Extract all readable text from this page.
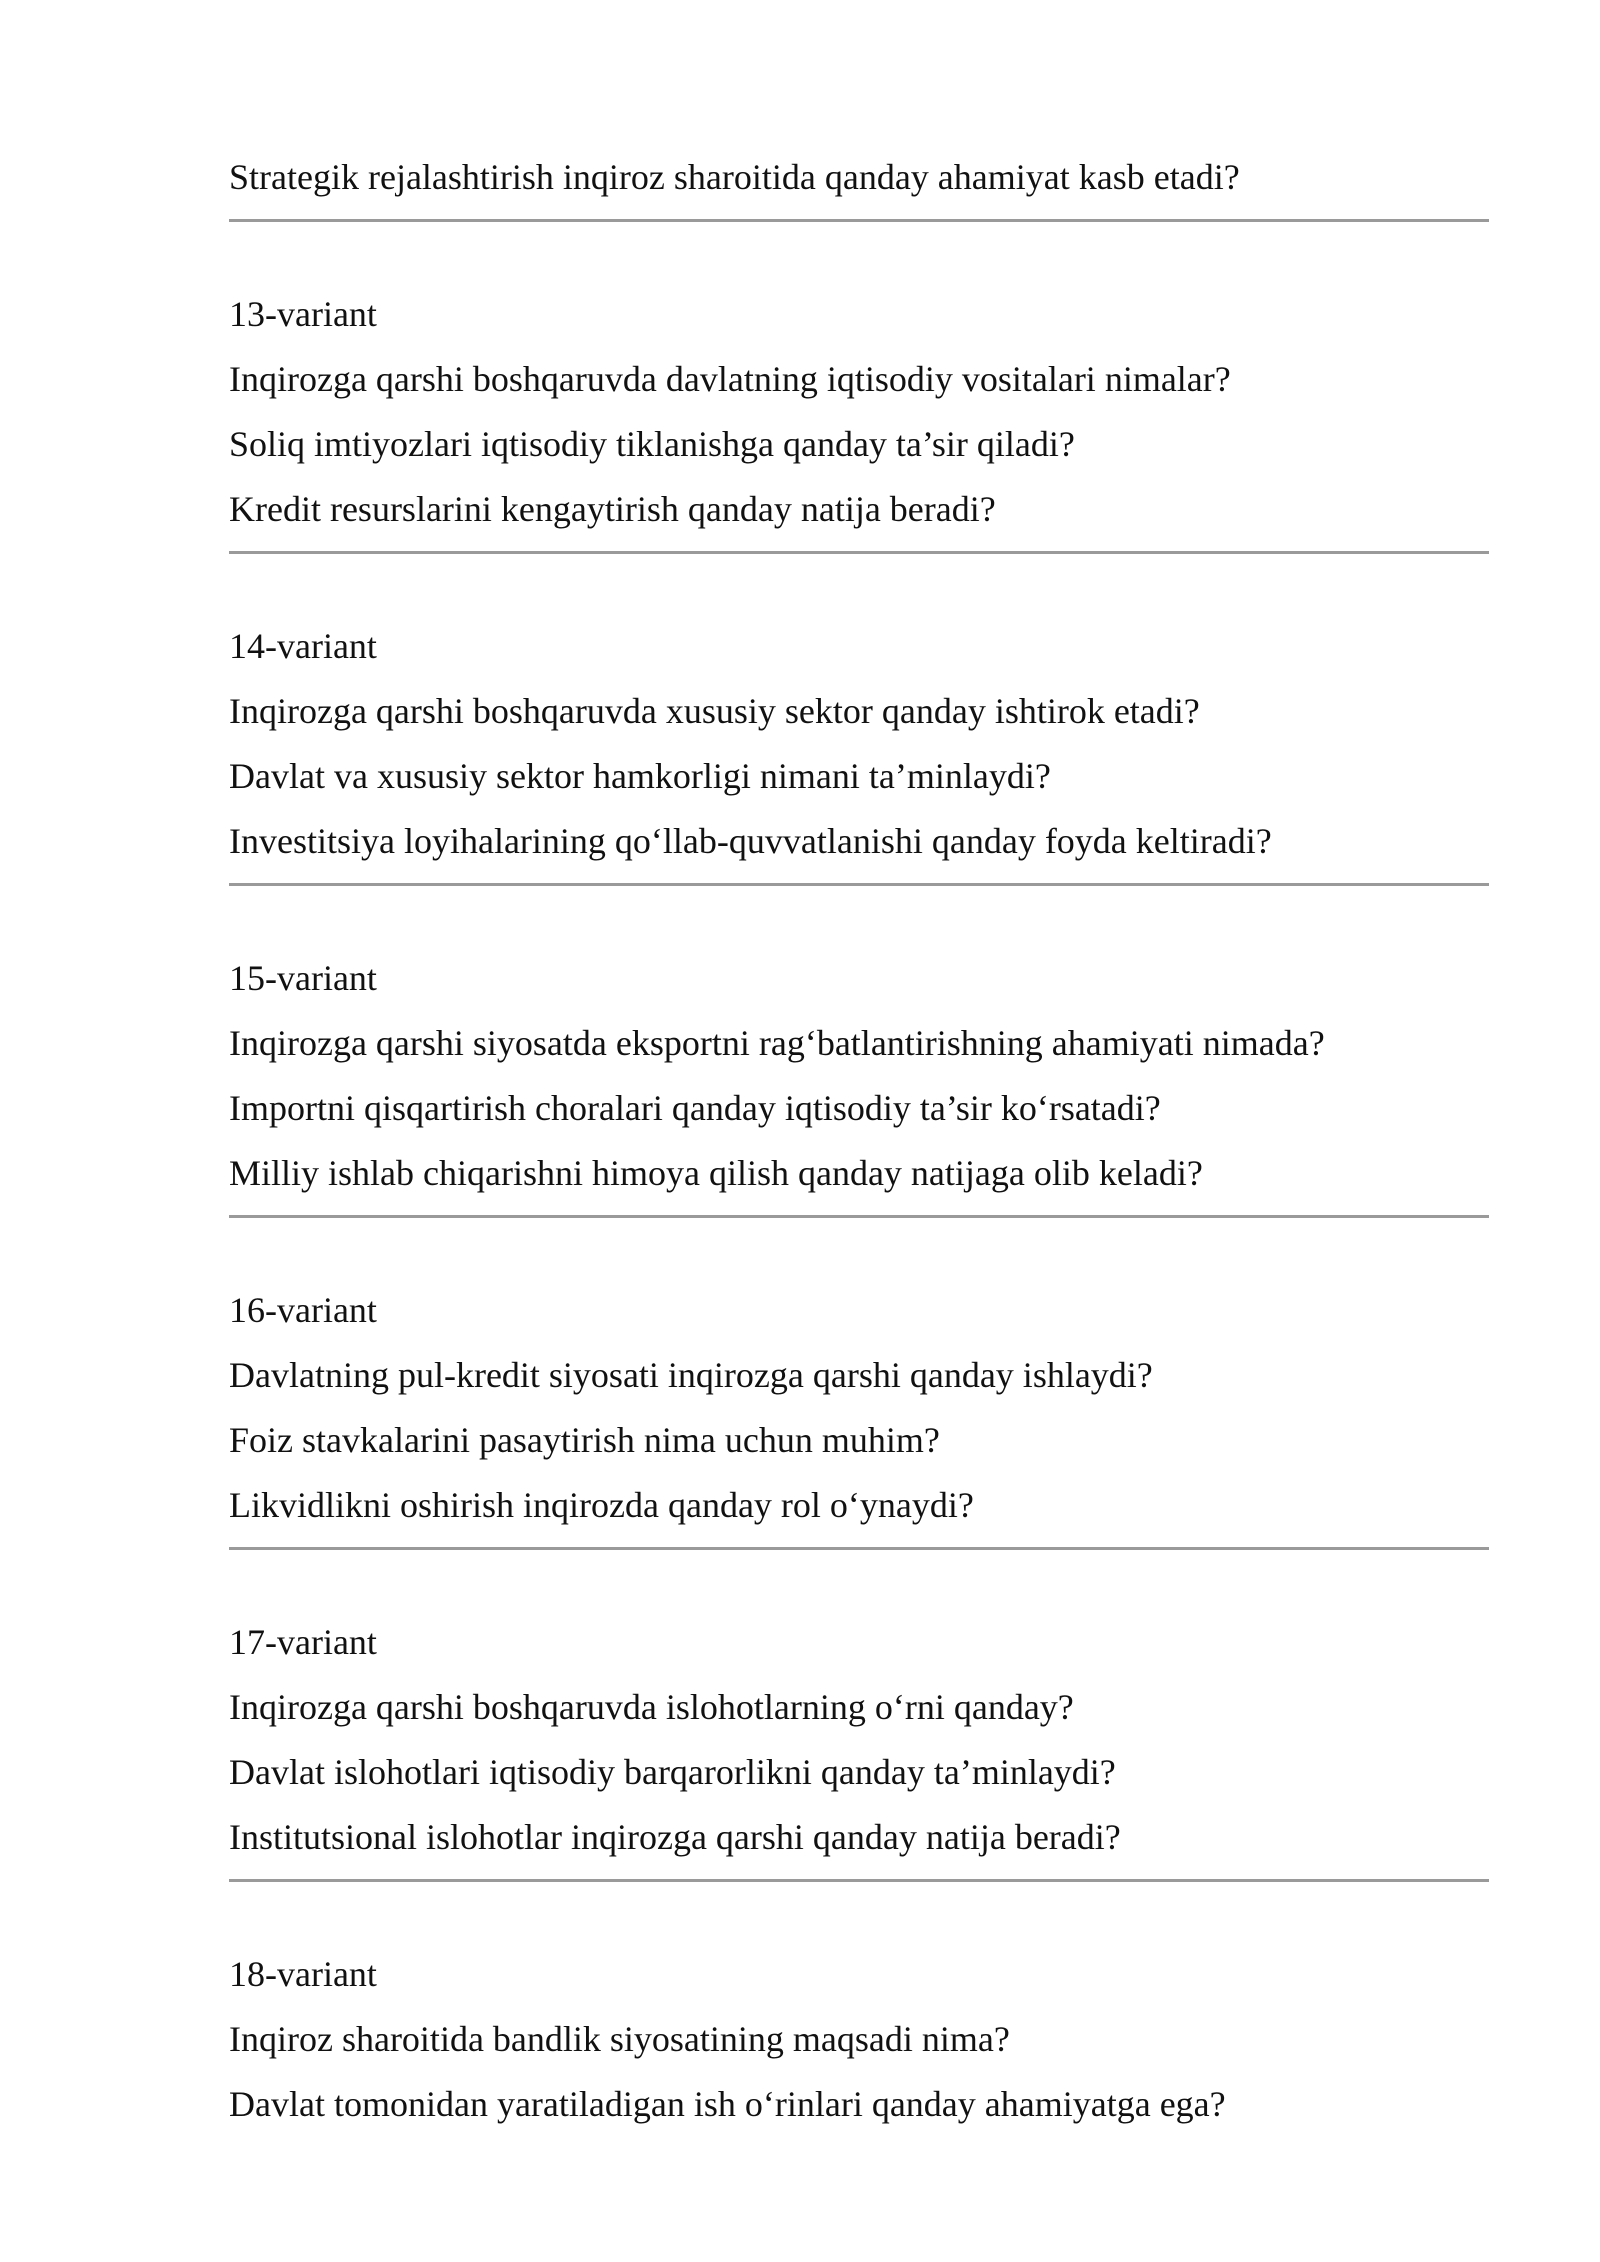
Strategik rejalashtirish inqiroz sharoitida qanday ahamiyat kasb etadi?
13-variant
Inqirozga qarshi boshqaruvda davlatning iqtisodiy vositalari nimalar?
Soliq imtiyozlari iqtisodiy tiklanishga qanday ta’sir qiladi?
Kredit resurslarini kengaytirish qanday natija beradi?
14-variant
Inqirozga qarshi boshqaruvda xususiy sektor qanday ishtirok etadi?
Davlat va xususiy sektor hamkorligi nimani ta’minlaydi?
Investitsiya loyihalarining qo‘llab-quvvatlanishi qanday foyda keltiradi?
15-variant
Inqirozga qarshi siyosatda eksportni rag‘batlantirishning ahamiyati nimada?
Importni qisqartirish choralari qanday iqtisodiy ta’sir ko‘rsatadi?
Milliy ishlab chiqarishni himoya qilish qanday natijaga olib keladi?
16-variant
Davlatning pul-kredit siyosati inqirozga qarshi qanday ishlaydi?
Foiz stavkalarini pasaytirish nima uchun muhim?
Likvidlikni oshirish inqirozda qanday rol o‘ynaydi?
17-variant
Inqirozga qarshi boshqaruvda islohotlarning o‘rni qanday?
Davlat islohotlari iqtisodiy barqarorlikni qanday ta’minlaydi?
Institutsional islohotlar inqirozga qarshi qanday natija beradi?
18-variant
Inqiroz sharoitida bandlik siyosatining maqsadi nima?
Davlat tomonidan yaratiladigan ish o‘rinlari qanday ahamiyatga ega?
